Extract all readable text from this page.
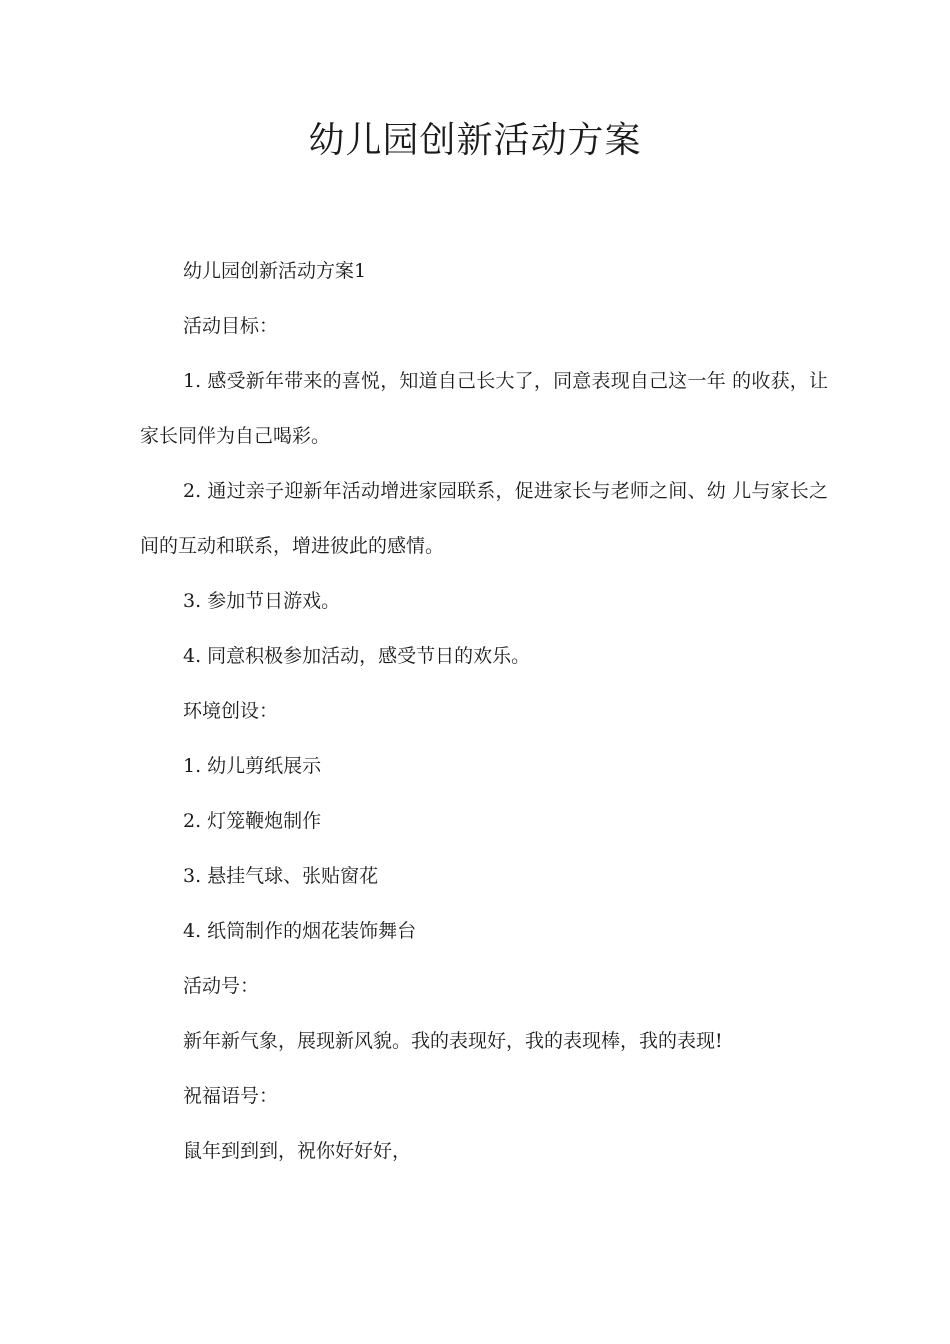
幼儿园创新活动方案

幼儿园创新活动方案1

活动目标：

1. 感受新年带来的喜悦，知道自己长大了，同意表现自己这一年 的收获，让家长同伴为自己喝彩。

2. 通过亲子迎新年活动增进家园联系，促进家长与老师之间、幼 儿与家长之间的互动和联系，增进彼此的感情。

3. 参加节日游戏。

4. 同意积极参加活动，感受节日的欢乐。

环境创设：

1. 幼儿剪纸展示

2. 灯笼鞭炮制作

3. 悬挂气球、张贴窗花

4. 纸筒制作的烟花装饰舞台

活动号：

新年新气象，展现新风貌。我的表现好，我的表现棒，我的表现!

祝福语号：

鼠年到到到，祝你好好好，
